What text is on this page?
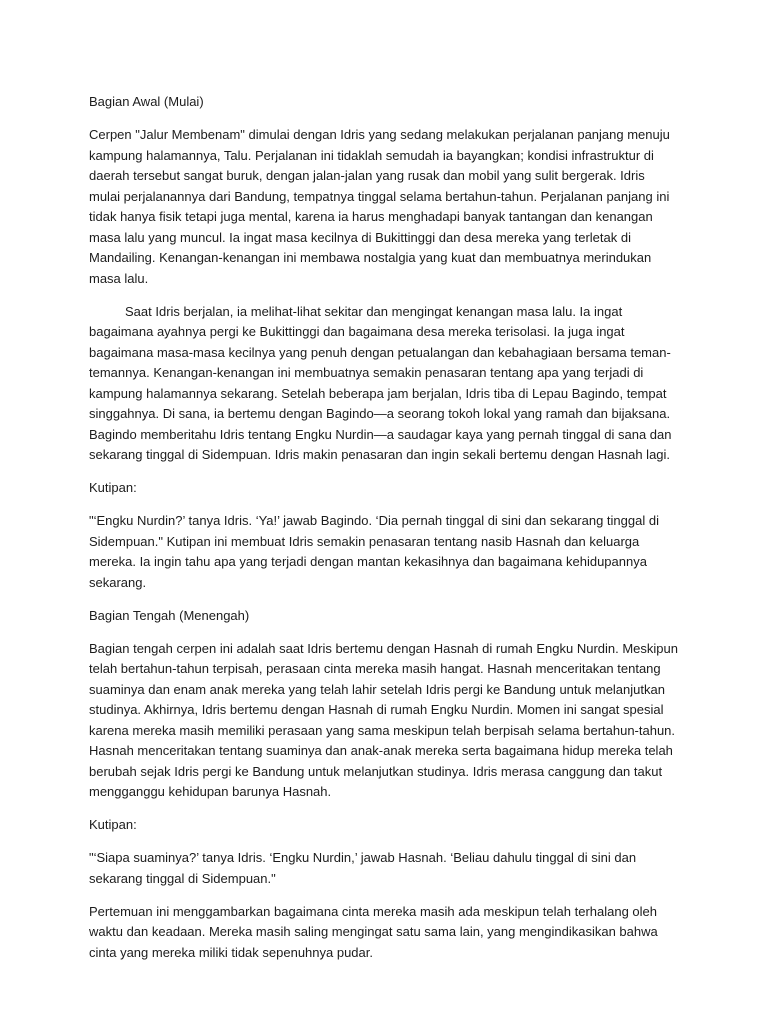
Bagian Awal (Mulai)

Cerpen "Jalur Membenam" dimulai dengan Idris yang sedang melakukan perjalanan panjang menuju kampung halamannya, Talu. Perjalanan ini tidaklah semudah ia bayangkan; kondisi infrastruktur di daerah tersebut sangat buruk, dengan jalan-jalan yang rusak dan mobil yang sulit bergerak. Idris mulai perjalanannya dari Bandung, tempatnya tinggal selama bertahun-tahun. Perjalanan panjang ini tidak hanya fisik tetapi juga mental, karena ia harus menghadapi banyak tantangan dan kenangan masa lalu yang muncul. Ia ingat masa kecilnya di Bukittinggi dan desa mereka yang terletak di Mandailing. Kenangan-kenangan ini membawa nostalgia yang kuat dan membuatnya merindukan masa lalu.

Saat Idris berjalan, ia melihat-lihat sekitar dan mengingat kenangan masa lalu. Ia ingat bagaimana ayahnya pergi ke Bukittinggi dan bagaimana desa mereka terisolasi. Ia juga ingat bagaimana masa-masa kecilnya yang penuh dengan petualangan dan kebahagiaan bersama teman-temannya. Kenangan-kenangan ini membuatnya semakin penasaran tentang apa yang terjadi di kampung halamannya sekarang. Setelah beberapa jam berjalan, Idris tiba di Lepau Bagindo, tempat singgahnya. Di sana, ia bertemu dengan Bagindo—a seorang tokoh lokal yang ramah dan bijaksana. Bagindo memberitahu Idris tentang Engku Nurdin—a saudagar kaya yang pernah tinggal di sana dan sekarang tinggal di Sidempuan. Idris makin penasaran dan ingin sekali bertemu dengan Hasnah lagi.

Kutipan:

"‘Engku Nurdin?’ tanya Idris. ‘Ya!’ jawab Bagindo. ‘Dia pernah tinggal di sini dan sekarang tinggal di Sidempuan." Kutipan ini membuat Idris semakin penasaran tentang nasib Hasnah dan keluarga mereka. Ia ingin tahu apa yang terjadi dengan mantan kekasihnya dan bagaimana kehidupannya sekarang.

Bagian Tengah (Menengah)

Bagian tengah cerpen ini adalah saat Idris bertemu dengan Hasnah di rumah Engku Nurdin. Meskipun telah bertahun-tahun terpisah, perasaan cinta mereka masih hangat. Hasnah menceritakan tentang suaminya dan enam anak mereka yang telah lahir setelah Idris pergi ke Bandung untuk melanjutkan studinya. Akhirnya, Idris bertemu dengan Hasnah di rumah Engku Nurdin. Momen ini sangat spesial karena mereka masih memiliki perasaan yang sama meskipun telah berpisah selama bertahun-tahun. Hasnah menceritakan tentang suaminya dan anak-anak mereka serta bagaimana hidup mereka telah berubah sejak Idris pergi ke Bandung untuk melanjutkan studinya. Idris merasa canggung dan takut mengganggu kehidupan barunya Hasnah.

Kutipan:

"‘Siapa suaminya?’ tanya Idris. ‘Engku Nurdin,’ jawab Hasnah. ‘Beliau dahulu tinggal di sini dan sekarang tinggal di Sidempuan."

Pertemuan ini menggambarkan bagaimana cinta mereka masih ada meskipun telah terhalang oleh waktu dan keadaan. Mereka masih saling mengingat satu sama lain, yang mengindikasikan bahwa cinta yang mereka miliki tidak sepenuhnya pudar.
